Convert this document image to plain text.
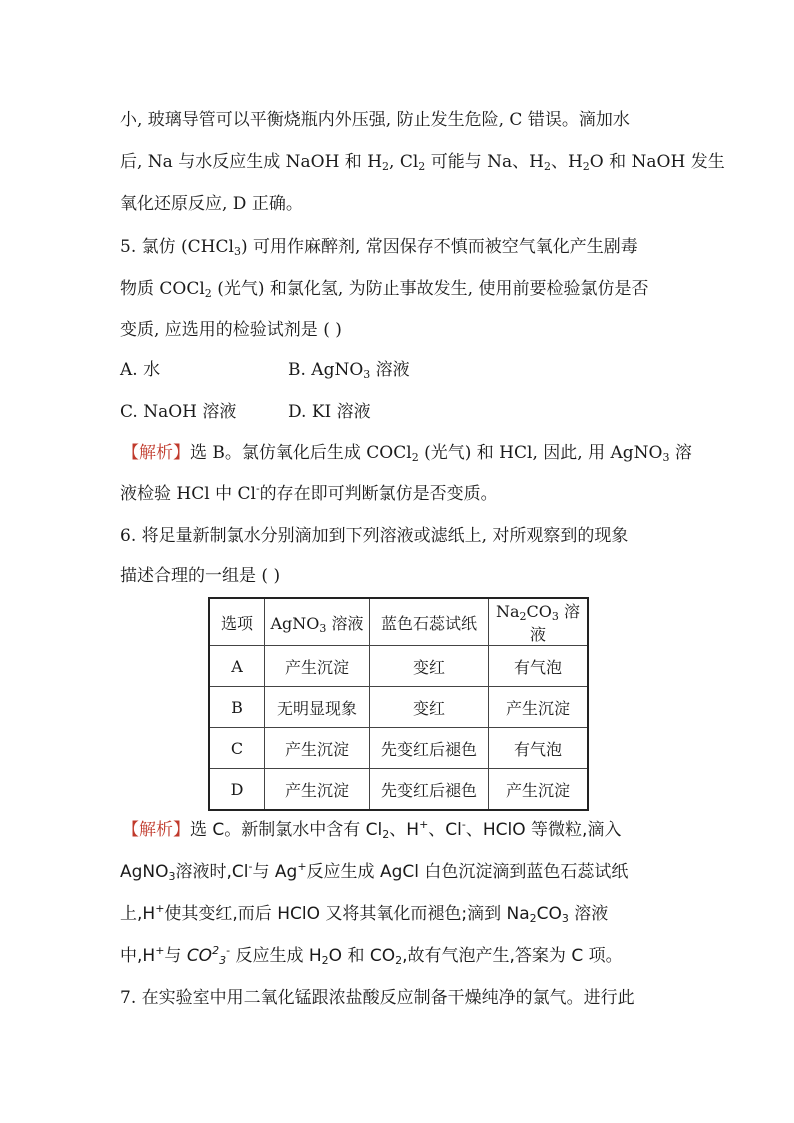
小, 玻璃导管可以平衡烧瓶内外压强, 防止发生危险, C 错误。滴加水
后, Na 与水反应生成 NaOH 和 $H_2$, $Cl_2$ 可能与 Na、$H_2$、$H_2O$ 和 NaOH 发生
氧化还原反应, D 正确。
5. 氯仿 (CHCl$_3$) 可用作麻醉剂, 常因保存不慎而被空气氧化产生剧毒
物质 COCl$_2$ (光气) 和氯化氢, 为防止事故发生, 使用前要检验氯仿是否
变质, 应选用的检验试剂是 ( )
A. 水	B. AgNO$_3$ 溶液
C. NaOH 溶液	D. KI 溶液
【解析】选 B。氯仿氧化后生成 COCl$_2$ (光气) 和 HCl, 因此, 用 AgNO$_3$ 溶
液检验 HCl 中 Cl-的存在即可判断氯仿是否变质。
6. 将足量新制氯水分别滴加到下列溶液或滤纸上, 对所观察到的现象
描述合理的一组是 ( )
选项	AgNO$_3$ 溶液	蓝色石蕊试纸	$Na_2CO_3$ 溶液
A	产生沉淀	变红	有气泡
B	无明显现象	变红	产生沉淀
C	产生沉淀	先变红后褪色	有气泡
D	产生沉淀	先变红后褪色	产生沉淀
【解析】选 C。新制氯水中含有 $Cl_2$、H+、Cl-、HClO 等微粒,滴入
AgNO$_3$溶液时,Cl-与 Ag+反应生成 AgCl 白色沉淀滴到蓝色石蕊试纸
上,H+使其变红,而后 HClO 又将其氧化而褪色;滴到 $Na_2CO_3$ 溶液
中,H+与 $CO^2_3^-$ 反应生成 $H_2O$ 和 $CO_2$,故有气泡产生,答案为 C 项。
7. 在实验室中用二氧化锰跟浓盐酸反应制备干燥纯净的氯气。进行此
